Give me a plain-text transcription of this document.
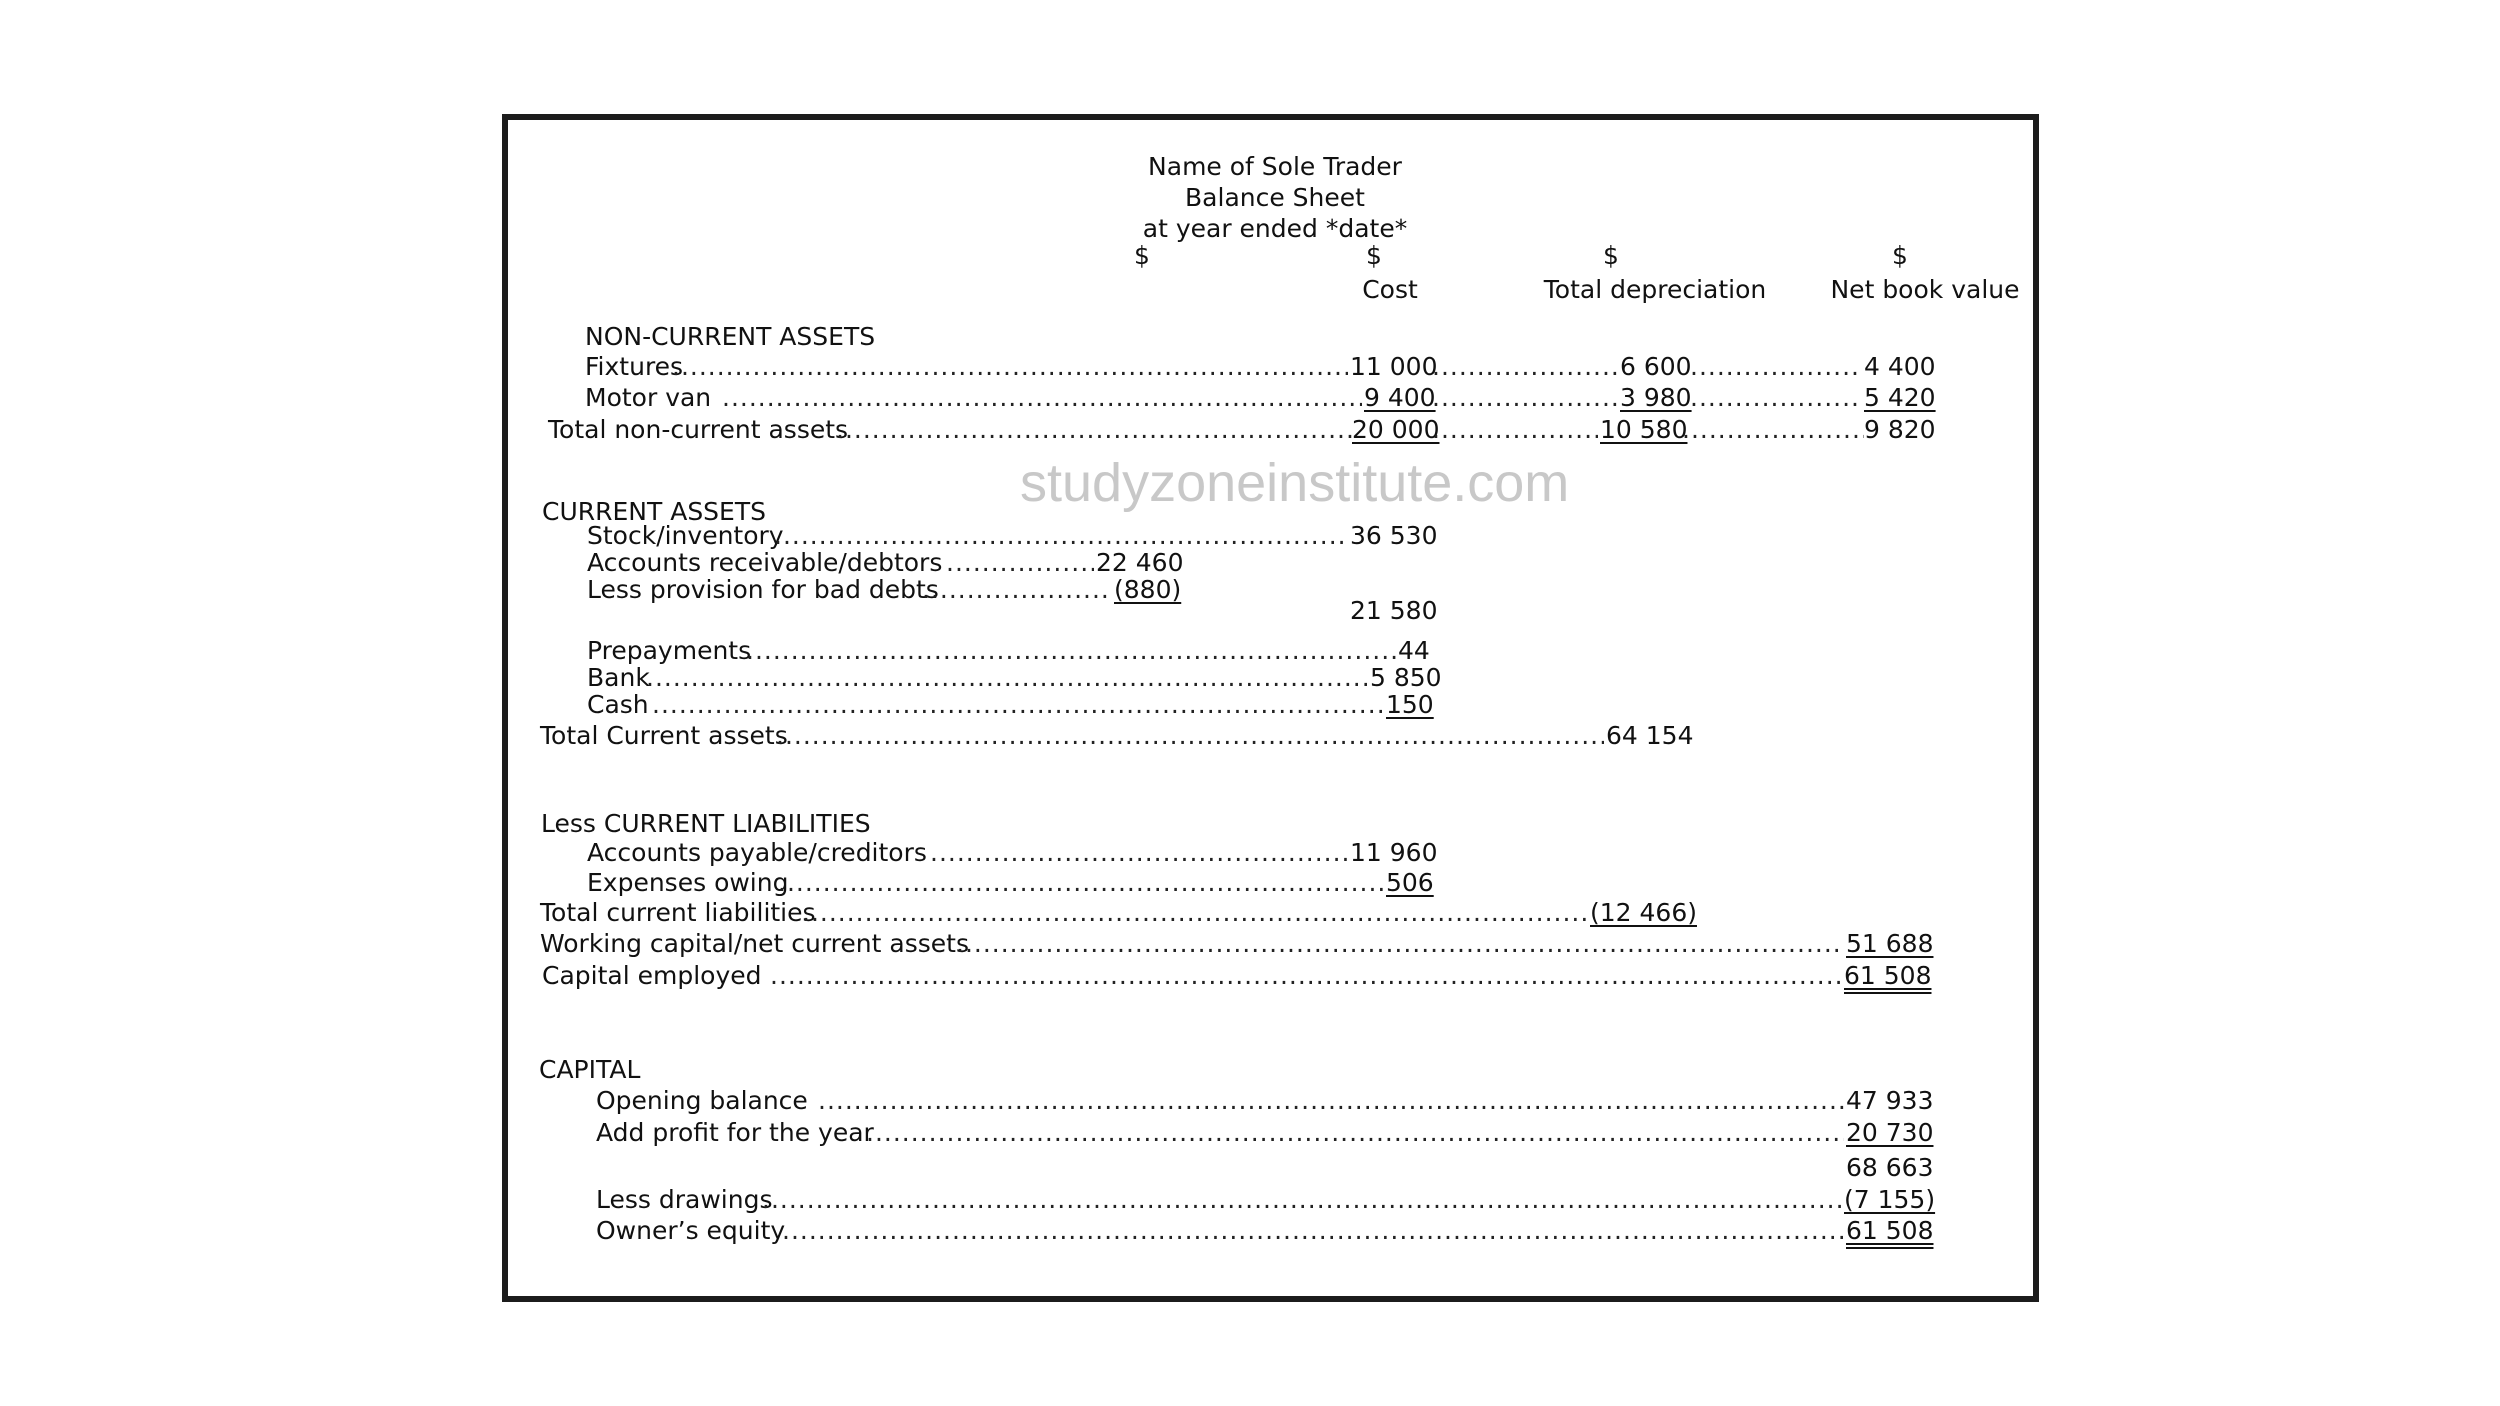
Name of Sole Trader
Balance Sheet
at year ended *date*
$	$	$	$
Cost	Total depreciation	Net book value
NON-CURRENT ASSETS
Fixtures .....	11 000 .....	6 600 .....	4 400
Motor van .....	9 400 .....	3 980 .....	5 420
Total non-current assets .....	20 000 .....	10 580 .....	9 820
studyzoneinstitute.com
CURRENT ASSETS
Stock/inventory .....	36 530
Accounts receivable/debtors .....	22 460
Less provision for bad debts .....	(880)
21 580
Prepayments .....	44
Bank .....	5 850
Cash .....	150
Total Current assets .....	64 154
Less CURRENT LIABILITIES
Accounts payable/creditors .....	11 960
Expenses owing .....	506
Total current liabilities .....	(12 466)
Working capital/net current assets .....	51 688
Capital employed .....	61 508
CAPITAL
Opening balance .....	47 933
Add profit for the year .....	20 730
68 663
Less drawings .....	(7 155)
Owner’s equity .....	61 508
